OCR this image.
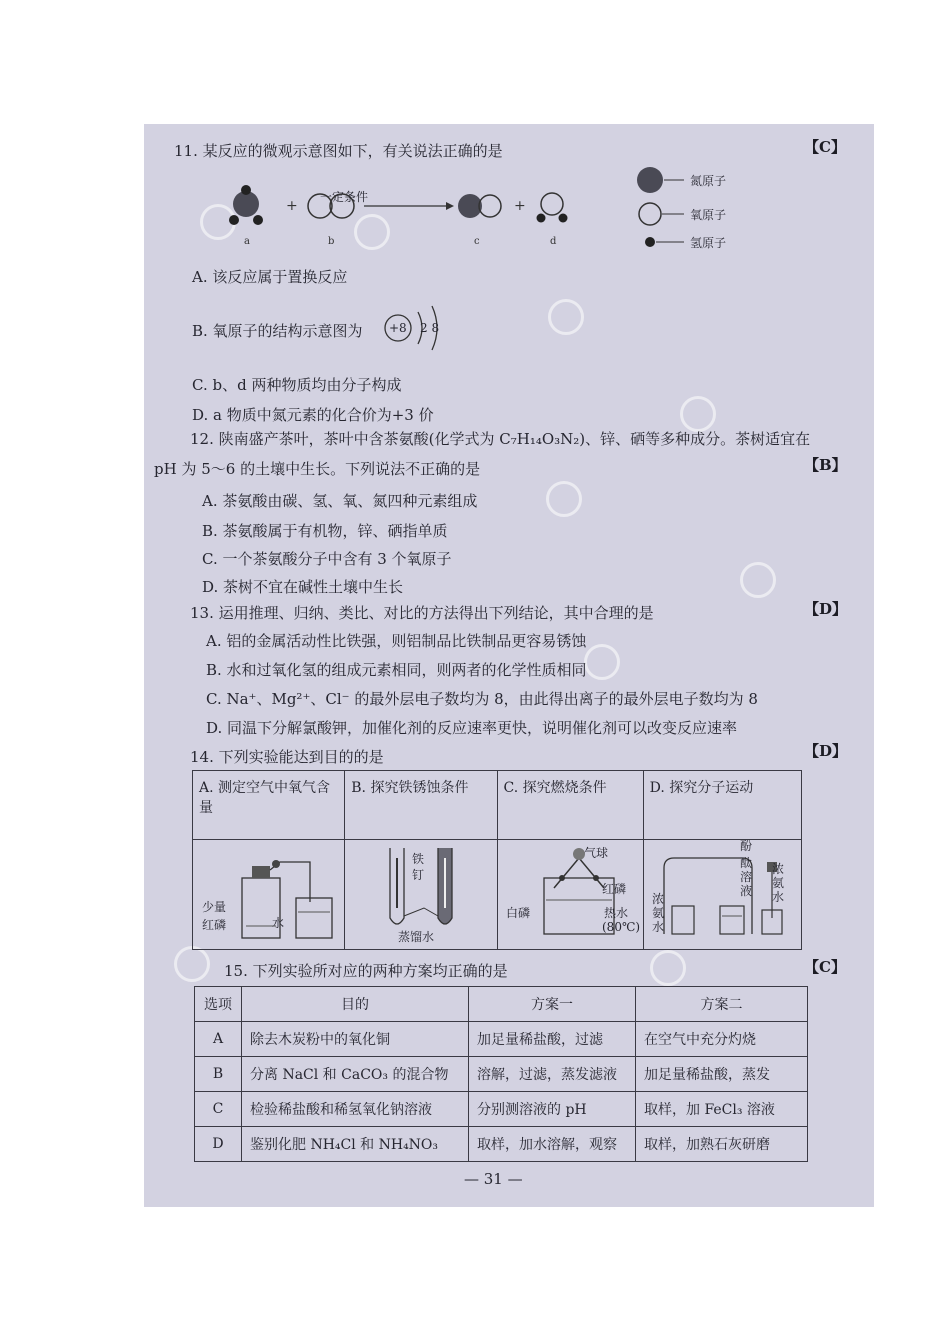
11. 某反应的微观示意图如下，有关说法正确的是	【C】
a
+
b	c
+
d
一定条件
氮原子
氧原子
氢原子
A. 该反应属于置换反应
B. 氧原子的结构示意图为 +8 2 8
C. b、d 两种物质均由分子构成
D. a 物质中氮元素的化合价为+3 价
12. 陕南盛产茶叶，茶叶中含茶氨酸(化学式为 C₇H₁₄O₃N₂)、锌、硒等多种成分。茶树适宜在
pH 为 5～6 的土壤中生长。下列说法不正确的是	【B】
A. 茶氨酸由碳、氢、氧、氮四种元素组成
B. 茶氨酸属于有机物，锌、硒指单质
C. 一个茶氨酸分子中含有 3 个氧原子
D. 茶树不宜在碱性土壤中生长
13. 运用推理、归纳、类比、对比的方法得出下列结论，其中合理的是	【D】
A. 铝的金属活动性比铁强，则铝制品比铁制品更容易锈蚀
B. 水和过氧化氢的组成元素相同，则两者的化学性质相同
C. Na⁺、Mg²⁺、Cl⁻ 的最外层电子数均为 8，由此得出离子的最外层电子数均为 8
D. 同温下分解氯酸钾，加催化剂的反应速率更快，说明催化剂可以改变反应速率
14. 下列实验能达到目的的是	【D】
A. 测定空气中氧气含量	B. 探究铁锈蚀条件	C. 探究燃烧条件	D. 探究分子运动

少量
红磷	水
铁
钉
蒸馏水
气球
红磷
白磷	热水
(80℃)
酚
酞
溶
液
浓
氨
水
浓
氨
水
15. 下列实验所对应的两种方案均正确的是	【C】
选项	目的	方案一	方案二
A	除去木炭粉中的氧化铜	加足量稀盐酸，过滤	在空气中充分灼烧
B	分离 NaCl 和 CaCO₃ 的混合物	溶解，过滤，蒸发滤液	加足量稀盐酸，蒸发
C	检验稀盐酸和稀氢氧化钠溶液	分别测溶液的 pH	取样，加 FeCl₃ 溶液
D	鉴别化肥 NH₄Cl 和 NH₄NO₃	取样，加水溶解，观察	取样，加熟石灰研磨
— 31 —
